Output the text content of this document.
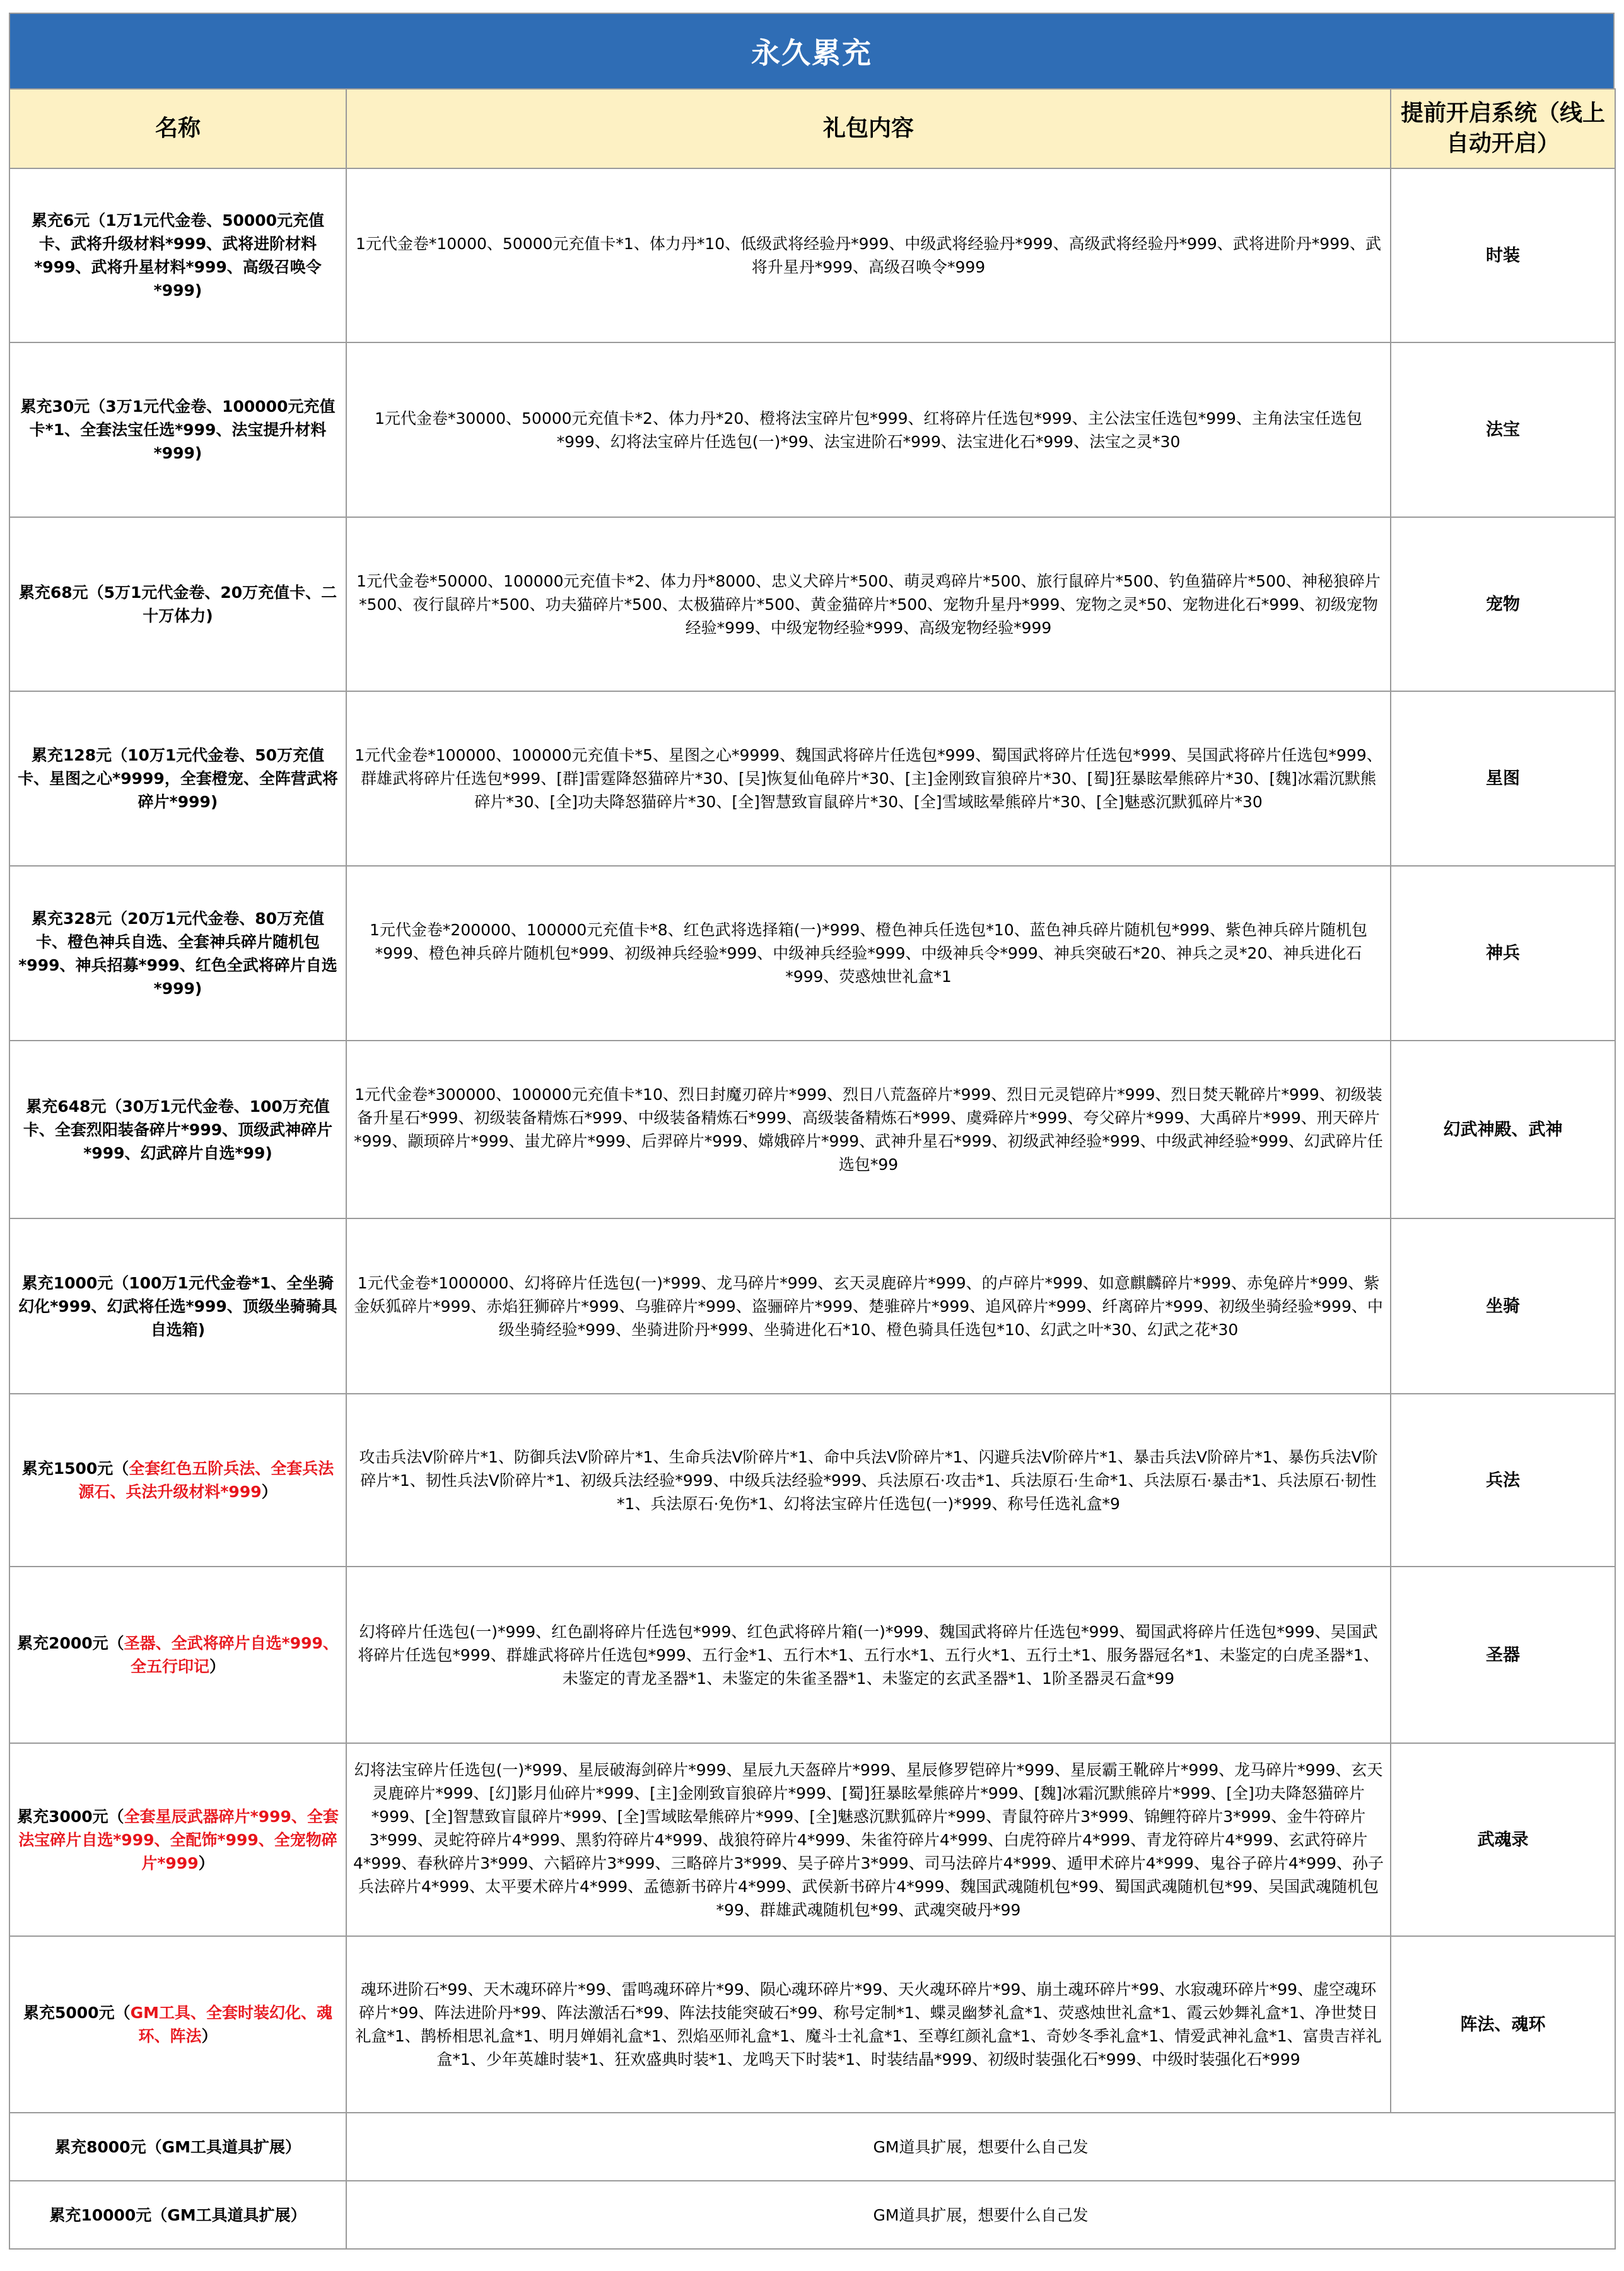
永久累充
名称	礼包内容	提前开启系统（线上自动开启）
累充6元（1万1元代金卷、50000元充值卡、武将升级材料*999、武将进阶材料*999、武将升星材料*999、高级召唤令*999)	1元代金卷*10000、50000元充值卡*1、体力丹*10、低级武将经验丹*999、中级武将经验丹*999、高级武将经验丹*999、武将进阶丹*999、武将升星丹*999、高级召唤令*999	时装
累充30元（3万1元代金卷、100000元充值卡*1、全套法宝任选*999、法宝提升材料*999)	1元代金卷*30000、50000元充值卡*2、体力丹*20、橙将法宝碎片包*999、红将碎片任选包*999、主公法宝任选包*999、主角法宝任选包*999、幻将法宝碎片任选包(一)*99、法宝进阶石*999、法宝进化石*999、法宝之灵*30	法宝
累充68元（5万1元代金卷、20万充值卡、二十万体力)	1元代金卷*50000、100000元充值卡*2、体力丹*8000、忠义犬碎片*500、萌灵鸡碎片*500、旅行鼠碎片*500、钓鱼猫碎片*500、神秘狼碎片*500、夜行鼠碎片*500、功夫猫碎片*500、太极猫碎片*500、黄金猫碎片*500、宠物升星丹*999、宠物之灵*50、宠物进化石*999、初级宠物经验*999、中级宠物经验*999、高级宠物经验*999	宠物
累充128元（10万1元代金卷、50万充值卡、星图之心*9999，全套橙宠、全阵营武将碎片*999)	1元代金卷*100000、100000元充值卡*5、星图之心*9999、魏国武将碎片任选包*999、蜀国武将碎片任选包*999、吴国武将碎片任选包*999、群雄武将碎片任选包*999、[群]雷霆降怒猫碎片*30、[吴]恢复仙龟碎片*30、[主]金刚致盲狼碎片*30、[蜀]狂暴眩晕熊碎片*30、[魏]冰霜沉默熊碎片*30、[全]功夫降怒猫碎片*30、[全]智慧致盲鼠碎片*30、[全]雪域眩晕熊碎片*30、[全]魅惑沉默狐碎片*30	星图
累充328元（20万1元代金卷、80万充值卡、橙色神兵自选、全套神兵碎片随机包*999、神兵招募*999、红色全武将碎片自选*999)	1元代金卷*200000、100000元充值卡*8、红色武将选择箱(一)*999、橙色神兵任选包*10、蓝色神兵碎片随机包*999、紫色神兵碎片随机包*999、橙色神兵碎片随机包*999、初级神兵经验*999、中级神兵经验*999、中级神兵令*999、神兵突破石*20、神兵之灵*20、神兵进化石*999、荧惑烛世礼盒*1	神兵
累充648元（30万1元代金卷、100万充值卡、全套烈阳装备碎片*999、顶级武神碎片*999、幻武碎片自选*99)	1元代金卷*300000、100000元充值卡*10、烈日封魔刃碎片*999、烈日八荒盔碎片*999、烈日元灵铠碎片*999、烈日焚天靴碎片*999、初级装备升星石*999、初级装备精炼石*999、中级装备精炼石*999、高级装备精炼石*999、虞舜碎片*999、夸父碎片*999、大禹碎片*999、刑天碎片*999、颛顼碎片*999、蚩尤碎片*999、后羿碎片*999、嫦娥碎片*999、武神升星石*999、初级武神经验*999、中级武神经验*999、幻武碎片任选包*99	幻武神殿、武神
累充1000元（100万1元代金卷*1、全坐骑幻化*999、幻武将任选*999、顶级坐骑骑具自选箱)	1元代金卷*1000000、幻将碎片任选包(一)*999、龙马碎片*999、玄天灵鹿碎片*999、的卢碎片*999、如意麒麟碎片*999、赤兔碎片*999、紫金妖狐碎片*999、赤焰狂狮碎片*999、乌骓碎片*999、盗骊碎片*999、楚骓碎片*999、追风碎片*999、纤离碎片*999、初级坐骑经验*999、中级坐骑经验*999、坐骑进阶丹*999、坐骑进化石*10、橙色骑具任选包*10、幻武之叶*30、幻武之花*30	坐骑
累充1500元（全套红色五阶兵法、全套兵法源石、兵法升级材料*999）	攻击兵法Ⅴ阶碎片*1、防御兵法Ⅴ阶碎片*1、生命兵法Ⅴ阶碎片*1、命中兵法Ⅴ阶碎片*1、闪避兵法Ⅴ阶碎片*1、暴击兵法Ⅴ阶碎片*1、暴伤兵法Ⅴ阶碎片*1、韧性兵法Ⅴ阶碎片*1、初级兵法经验*999、中级兵法经验*999、兵法原石·攻击*1、兵法原石·生命*1、兵法原石·暴击*1、兵法原石·韧性*1、兵法原石·免伤*1、幻将法宝碎片任选包(一)*999、称号任选礼盒*9	兵法
累充2000元（圣器、全武将碎片自选*999、全五行印记）	幻将碎片任选包(一)*999、红色副将碎片任选包*999、红色武将碎片箱(一)*999、魏国武将碎片任选包*999、蜀国武将碎片任选包*999、吴国武将碎片任选包*999、群雄武将碎片任选包*999、五行金*1、五行木*1、五行水*1、五行火*1、五行土*1、服务器冠名*1、未鉴定的白虎圣器*1、未鉴定的青龙圣器*1、未鉴定的朱雀圣器*1、未鉴定的玄武圣器*1、1阶圣器灵石盒*99	圣器
累充3000元（全套星辰武器碎片*999、全套法宝碎片自选*999、全配饰*999、全宠物碎片*999）	幻将法宝碎片任选包(一)*999、星辰破海剑碎片*999、星辰九天盔碎片*999、星辰修罗铠碎片*999、星辰霸王靴碎片*999、龙马碎片*999、玄天灵鹿碎片*999、[幻]影月仙碎片*999、[主]金刚致盲狼碎片*999、[蜀]狂暴眩晕熊碎片*999、[魏]冰霜沉默熊碎片*999、[全]功夫降怒猫碎片*999、[全]智慧致盲鼠碎片*999、[全]雪域眩晕熊碎片*999、[全]魅惑沉默狐碎片*999、青鼠符碎片3*999、锦鲤符碎片3*999、金牛符碎片3*999、灵蛇符碎片4*999、黑豹符碎片4*999、战狼符碎片4*999、朱雀符碎片4*999、白虎符碎片4*999、青龙符碎片4*999、玄武符碎片4*999、春秋碎片3*999、六韬碎片3*999、三略碎片3*999、吴子碎片3*999、司马法碎片4*999、遁甲术碎片4*999、鬼谷子碎片4*999、孙子兵法碎片4*999、太平要术碎片4*999、孟德新书碎片4*999、武侯新书碎片4*999、魏国武魂随机包*99、蜀国武魂随机包*99、吴国武魂随机包*99、群雄武魂随机包*99、武魂突破丹*99	武魂录
累充5000元（GM工具、全套时装幻化、魂环、阵法）	魂环进阶石*99、天木魂环碎片*99、雷鸣魂环碎片*99、陨心魂环碎片*99、天火魂环碎片*99、崩土魂环碎片*99、水寂魂环碎片*99、虚空魂环碎片*99、阵法进阶丹*99、阵法激活石*99、阵法技能突破石*99、称号定制*1、蝶灵幽梦礼盒*1、荧惑烛世礼盒*1、霞云妙舞礼盒*1、净世焚日礼盒*1、鹊桥相思礼盒*1、明月婵娟礼盒*1、烈焰巫师礼盒*1、魔斗士礼盒*1、至尊红颜礼盒*1、奇妙冬季礼盒*1、情爱武神礼盒*1、富贵吉祥礼盒*1、少年英雄时装*1、狂欢盛典时装*1、龙鸣天下时装*1、时装结晶*999、初级时装强化石*999、中级时装强化石*999	阵法、魂环
累充8000元（GM工具道具扩展）	GM道具扩展，想要什么自己发	
累充10000元（GM工具道具扩展）	GM道具扩展，想要什么自己发	
